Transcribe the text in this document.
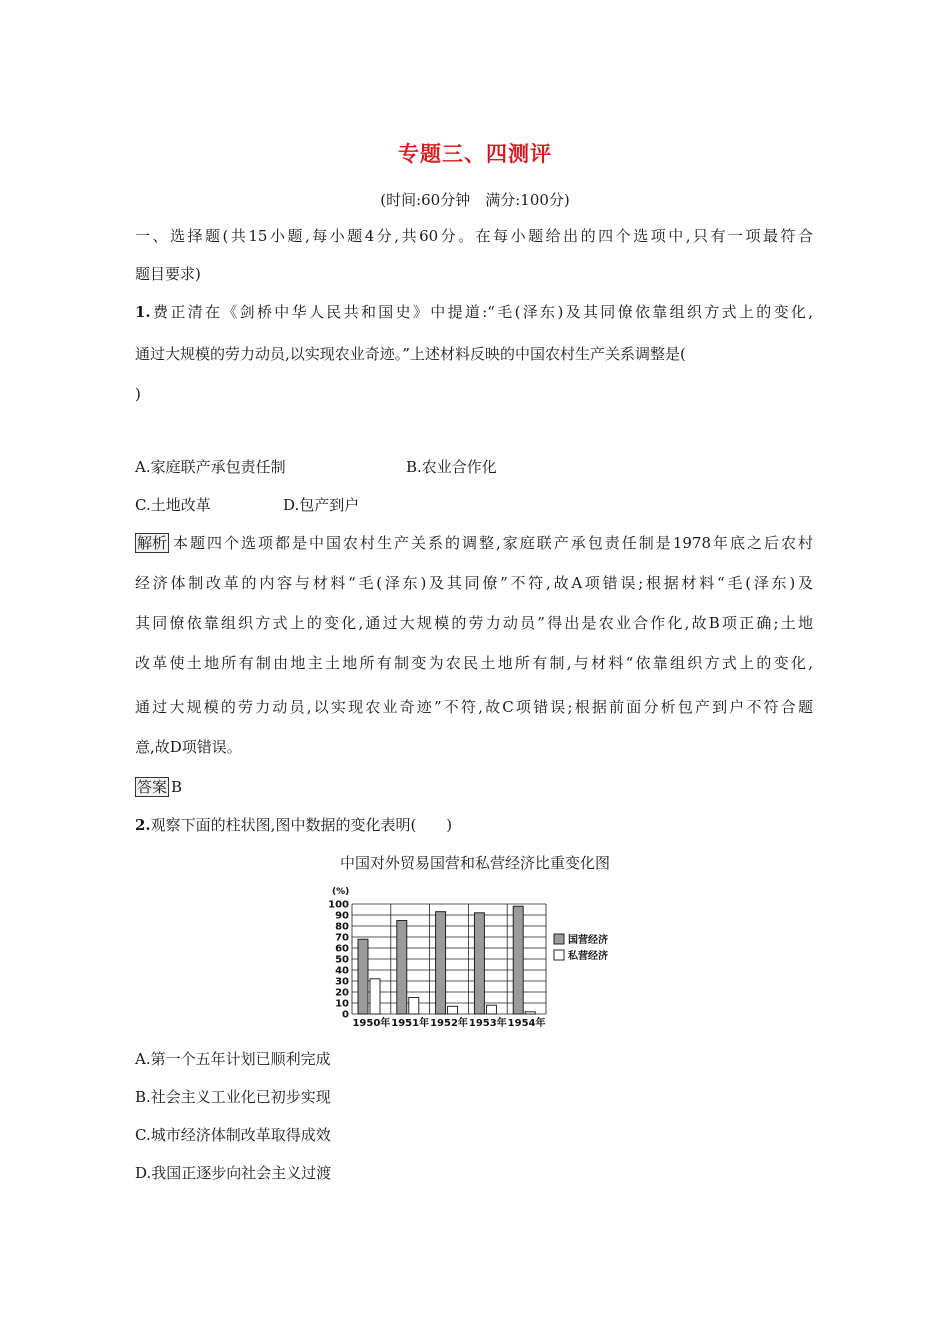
专题三、四测评
(时间:60分钟　满分:100分)
一、选择题(共15小题,每小题4分,共60分。在每小题给出的四个选项中,只有一项最符合
题目要求)
1.费正清在《剑桥中华人民共和国史》中提道:“毛(泽东)及其同僚依靠组织方式上的变化,
通过大规模的劳力动员,以实现农业奇迹。”上述材料反映的中国农村生产关系调整是(
)
A.家庭联产承包责任制	B.农业合作化
C.土地改革	D.包产到户
解析 本题四个选项都是中国农村生产关系的调整,家庭联产承包责任制是1978年底之后农村
经济体制改革的内容与材料“毛(泽东)及其同僚”不符,故A项错误;根据材料“毛(泽东)及
其同僚依靠组织方式上的变化,通过大规模的劳力动员”得出是农业合作化,故B项正确;土地
改革使土地所有制由地主土地所有制变为农民土地所有制,与材料“依靠组织方式上的变化,
通过大规模的劳力动员,以实现农业奇迹”不符,故C项错误;根据前面分析包产到户不符合题
意,故D项错误。
答案 B
2.观察下面的柱状图,图中数据的变化表明(　　)
中国对外贸易国营和私营经济比重变化图
(%)
0
10
20
30
40
50
60
70
80
90
100
1950年 1951年 1952年 1953年 1954年
国营经济
私营经济
A.第一个五年计划已顺利完成
B.社会主义工业化已初步实现
C.城市经济体制改革取得成效
D.我国正逐步向社会主义过渡
